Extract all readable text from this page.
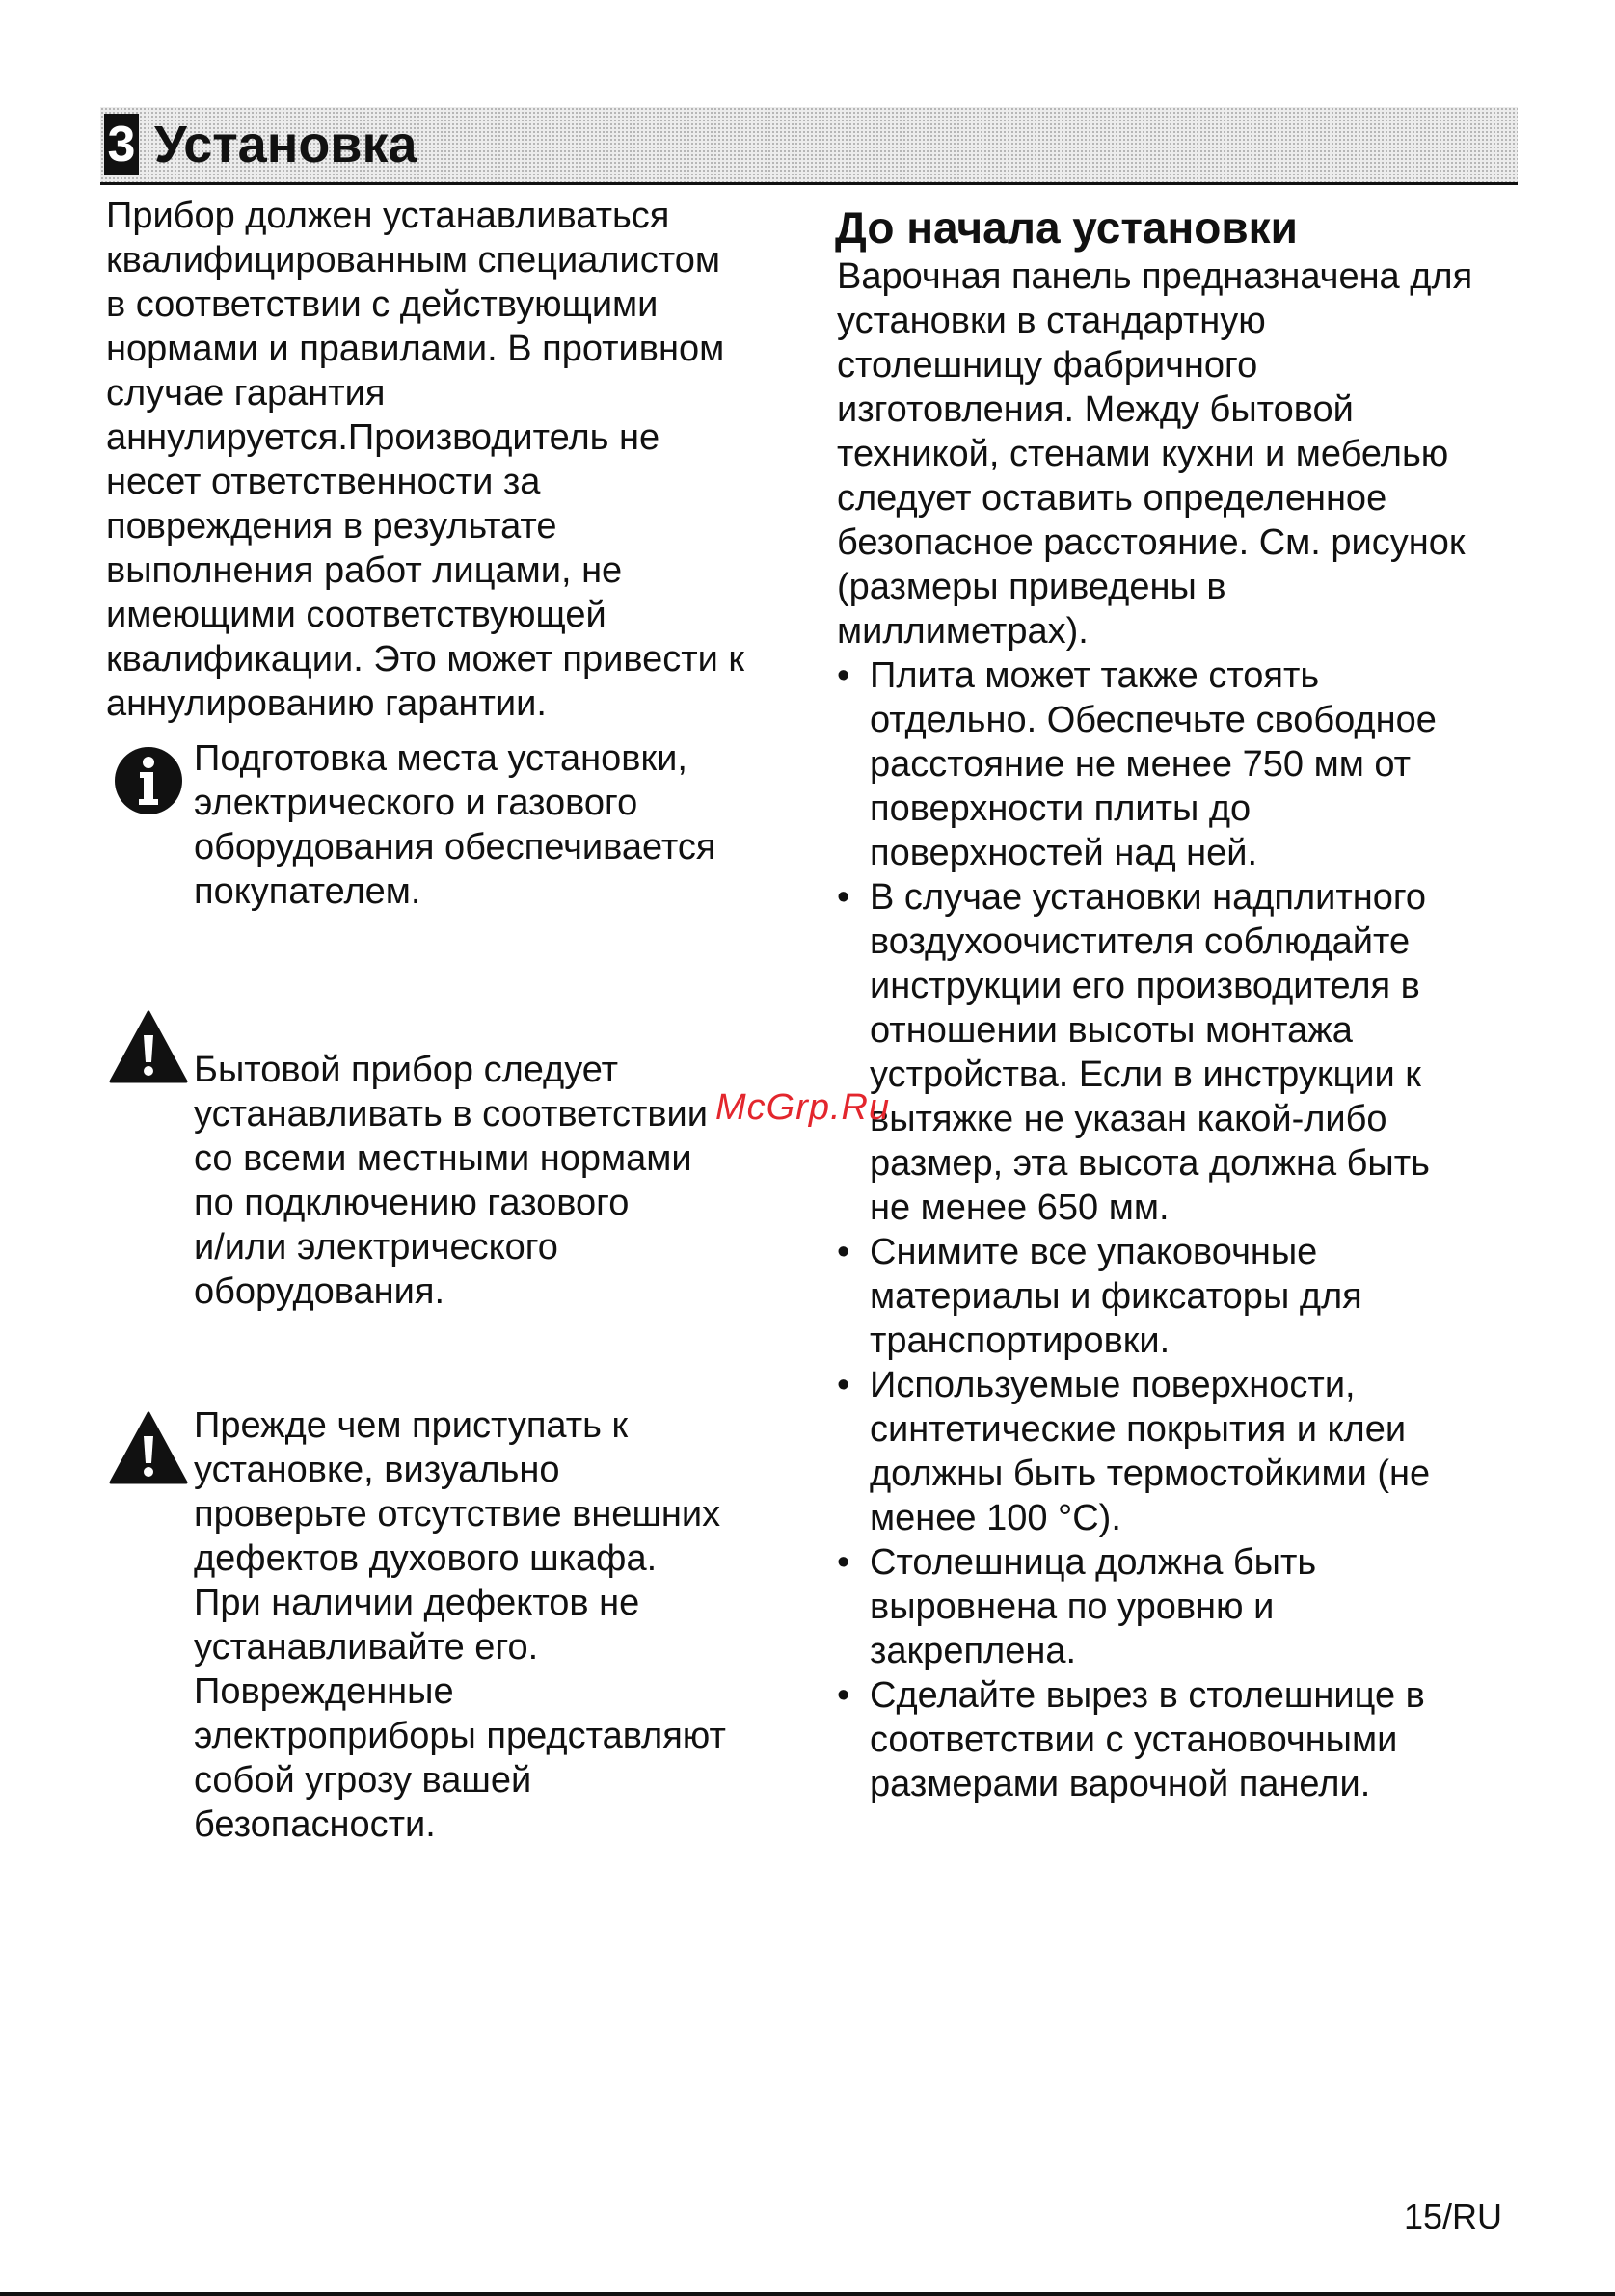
3 Установка
Прибор должен устанавливаться
квалифицированным специалистом
в соответствии с действующими
нормами и правилами. В противном
случае гарантия
аннулируется.Производитель не
несет ответственности за
повреждения в результате
выполнения работ лицами, не
имеющими соответствующей
квалификации. Это может привести к
аннулированию гарантии.
Подготовка места установки,
электрического и газового
оборудования обеспечивается
покупателем.
Бытовой прибор следует
устанавливать в соответствии
со всеми местными нормами
по подключению газового
и/или электрического
оборудования.
Прежде чем приступать к
установке, визуально
проверьте отсутствие внешних
дефектов духового шкафа.
При наличии дефектов не
устанавливайте его.
Поврежденные
электроприборы представляют
собой угрозу вашей
безопасности.
До начала установки
Варочная панель предназначена для
установки в стандартную
столешницу фабричного
изготовления. Между бытовой
техникой, стенами кухни и мебелью
следует оставить определенное
безопасное расстояние. См. рисунок
(размеры приведены в
миллиметрах).
• Плита может также стоять
отдельно. Обеспечьте свободное
расстояние не менее 750 мм от
поверхности плиты до
поверхностей над ней.
• В случае установки надплитного
воздухоочистителя соблюдайте
инструкции его производителя в
отношении высоты монтажа
устройства. Если в инструкции к
вытяжке не указан какой-либо
размер, эта высота должна быть
не менее 650 мм.
• Снимите все упаковочные
материалы и фиксаторы для
транспортировки.
• Используемые поверхности,
синтетические покрытия и клеи
должны быть термостойкими (не
менее 100 °C).
• Столешница должна быть
выровнена по уровню и
закреплена.
• Сделайте вырез в столешнице в
соответствии с установочными
размерами варочной панели.
McGrp.Ru
15/RU
